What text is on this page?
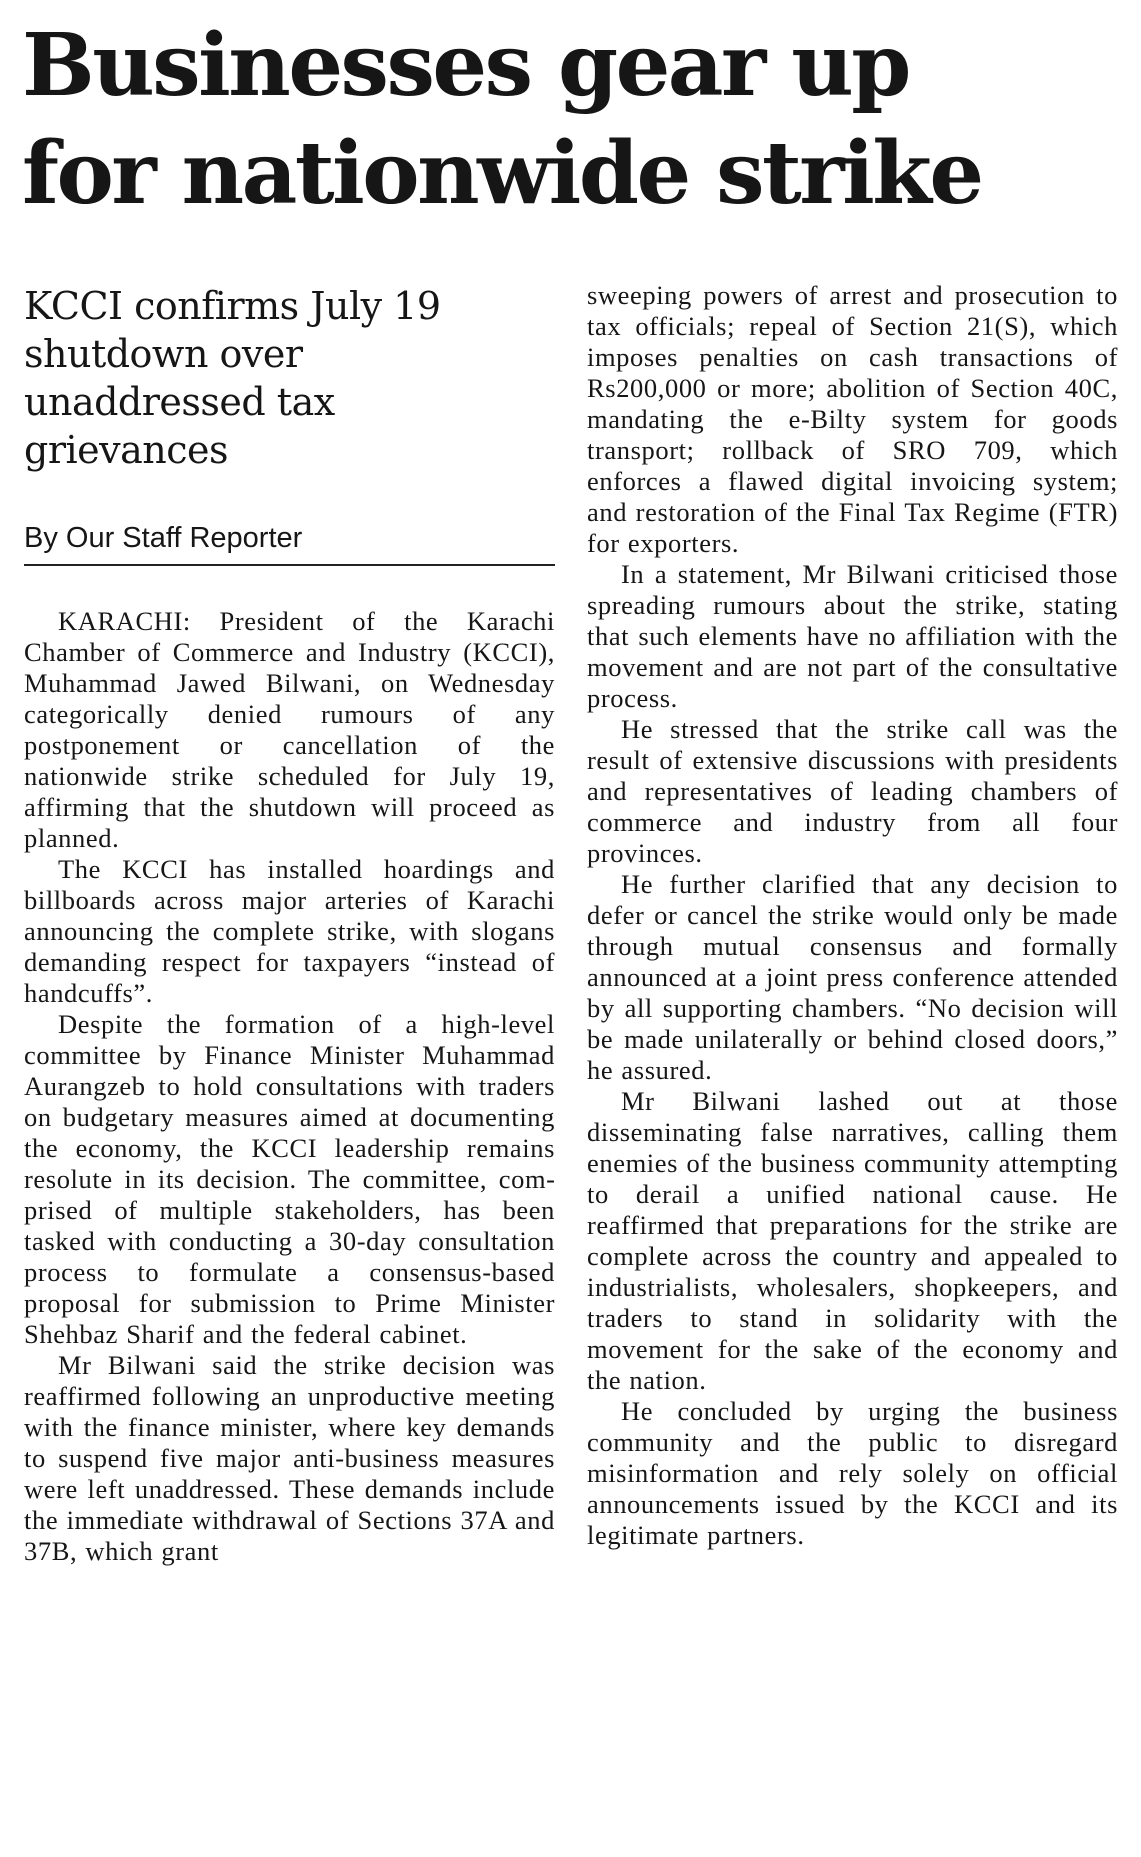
Businesses gear up
for nationwide strike
KCCI confirms July 19
shutdown over
unaddressed tax
grievances
By Our Staff Reporter

KARACHI: President of the Karachi Chamber of Commerce and Industry (KCCI), Muhammad Jawed Bilwani, on Wednesday categorically denied rumours of any postponement or cancellation of the nationwide strike scheduled for July 19, affirming that the shutdown will proceed as planned.

The KCCI has installed hoardings and billboards across major arteries of Karachi announcing the complete strike, with slogans demanding respect for taxpayers “instead of handcuffs”.

Despite the formation of a high-level committee by Finance Minister Muhammad Aurangzeb to hold consultations with traders on budgetary measures aimed at documenting the economy, the KCCI leadership remains resolute in its decision. The committee, comprised of multiple stakeholders, has been tasked with conducting a 30-day consultation process to formulate a consensus-based proposal for submission to Prime Minister Shehbaz Sharif and the federal cabinet.

Mr Bilwani said the strike decision was reaffirmed following an unproductive meeting with the finance minister, where key demands to suspend five major anti-business measures were left unaddressed. These demands include the immediate withdrawal of Sections 37A and 37B, which grant

sweeping powers of arrest and prosecution to tax officials; repeal of Section 21(S), which imposes penalties on cash transactions of Rs200,000 or more; abolition of Section 40C, mandating the e-Bilty system for goods transport; rollback of SRO 709, which enforces a flawed digital invoicing system; and restoration of the Final Tax Regime (FTR) for exporters.

In a statement, Mr Bilwani criticised those spreading rumours about the strike, stating that such elements have no affiliation with the movement and are not part of the consultative process.

He stressed that the strike call was the result of extensive discussions with presidents and representatives of leading chambers of commerce and industry from all four provinces.

He further clarified that any decision to defer or cancel the strike would only be made through mutual consensus and formally announced at a joint press conference attended by all supporting chambers. “No decision will be made unilaterally or behind closed doors,” he assured.

Mr Bilwani lashed out at those disseminating false narratives, calling them enemies of the business community attempting to derail a unified national cause. He reaffirmed that preparations for the strike are complete across the country and appealed to industrialists, wholesalers, shopkeepers, and traders to stand in solidarity with the movement for the sake of the economy and the nation.

He concluded by urging the business community and the public to disregard misinformation and rely solely on official announcements issued by the KCCI and its legitimate partners.
